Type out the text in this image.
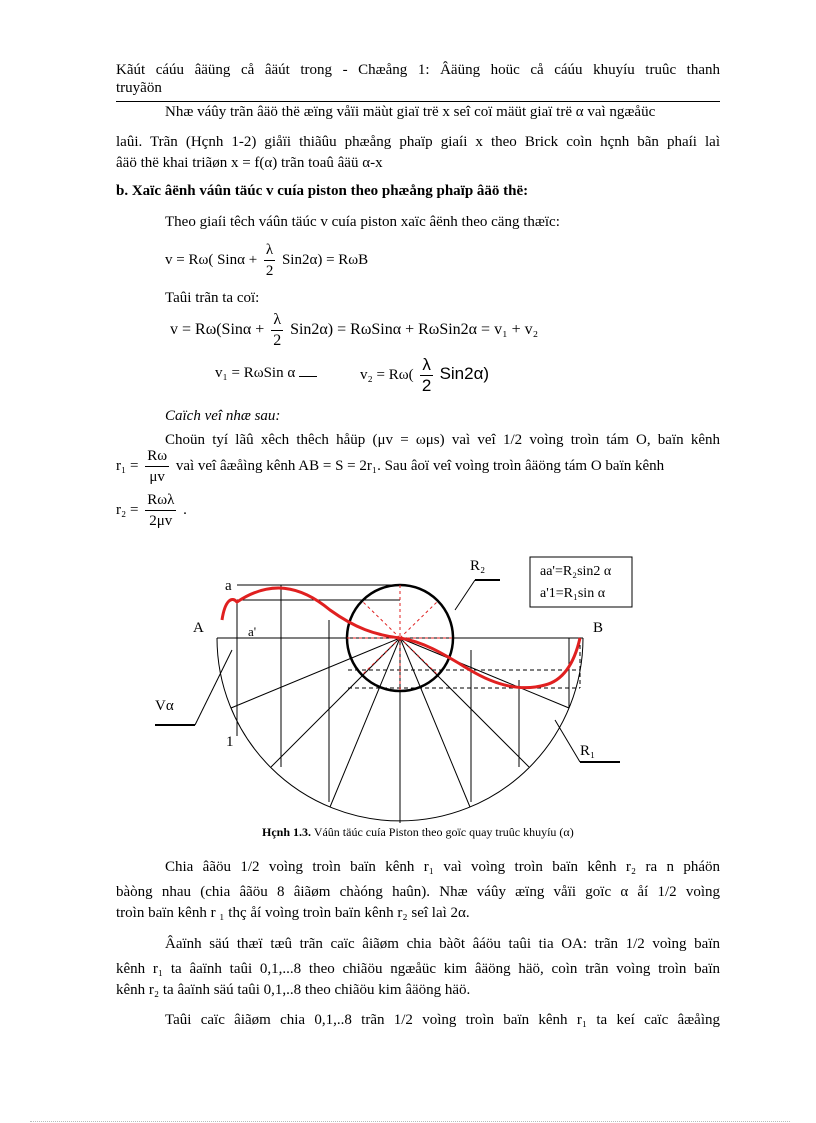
Kãút cáúu âäüng cå âäút trong - Chæång 1: Âäüng hoüc cå cáúu khuyíu truûc thanh
truyãön
Nhæ váûy trãn âäö thë æïng våïi mäùt giaï trë x seî coï mäüt giaï trë α vaì ngæåüc
laûi. Trãn (Hçnh 1-2) giåïi thiãûu phæång phaïp giaíi x theo Brick coìn hçnh bãn phaíi laì
âäö thë khai triãøn x = f(α) trãn toaû âäü α-x
b. Xaïc âënh váûn täúc v cuía piston theo phæång phaïp âäö thë:
Theo giaíi têch váûn täúc v cuía piston xaïc âënh theo cäng thæïc:
v = Rω( $Sin\alpha + \frac{\lambda}{2} Sin2\alpha) = R\omega B$
Taûi trãn ta coï:
$v = R\omega(Sin\alpha + \frac{\lambda}{2} Sin2\alpha) = R\omega Sin\alpha + R\omega Sin2\alpha = v_1 + v_2$
v₁ = RωSin α	$v_2 = R\omega( \frac{\lambda}{2} Sin2\alpha)$
Caïch veî nhæ sau:
Choün tyí lãû xêch thêch håüp (μv = ωμs) vaì veî 1/2 voìng troìn tám O, baïn kênh
$r_1 = \frac{R\omega}{\mu v}$ vaì veî âæåìng kênh AB = S = 2r₁. Sau âoï veî voìng troìn âäöng tám O baïn kênh
$r_2 = \frac{\text{Rωλ}}{2\mu v}$ .
aa'=R₂sin2 α
a'1=R₁sin α
R₂
R₁
Vα
a
a'
A	B
1
Hçnh 1.3. Váûn täúc cuía Piston theo goïc quay truûc khuyíu (α)
Chia âãöu 1/2 voìng troìn baïn kênh r₁ vaì voìng troìn baïn kênh r₂ ra n pháön
bàòng nhau (chia âãöu 8 âiãøm chàóng haûn). Nhæ váûy æïng våïi goïc α åí 1/2 voìng
troìn baïn kênh r ₁ thç åí voìng troìn baïn kênh r₂ seî laì 2α.
Âaïnh säú thæï tæû trãn caïc âiãøm chia bàõt âáöu taûi tia OA: trãn 1/2 voìng baïn
kênh r₁ ta âaïnh taûi 0,1,...8 theo chiãöu ngæåüc kim âäöng häö, coìn trãn voìng troìn baïn
kênh r₂ ta âaïnh säú taûi 0,1,..8 theo chiãöu kim âäöng häö.
Taûi caïc âiãøm chia 0,1,..8 trãn 1/2 voìng troìn baïn kênh r₁ ta keí caïc âæåìng
